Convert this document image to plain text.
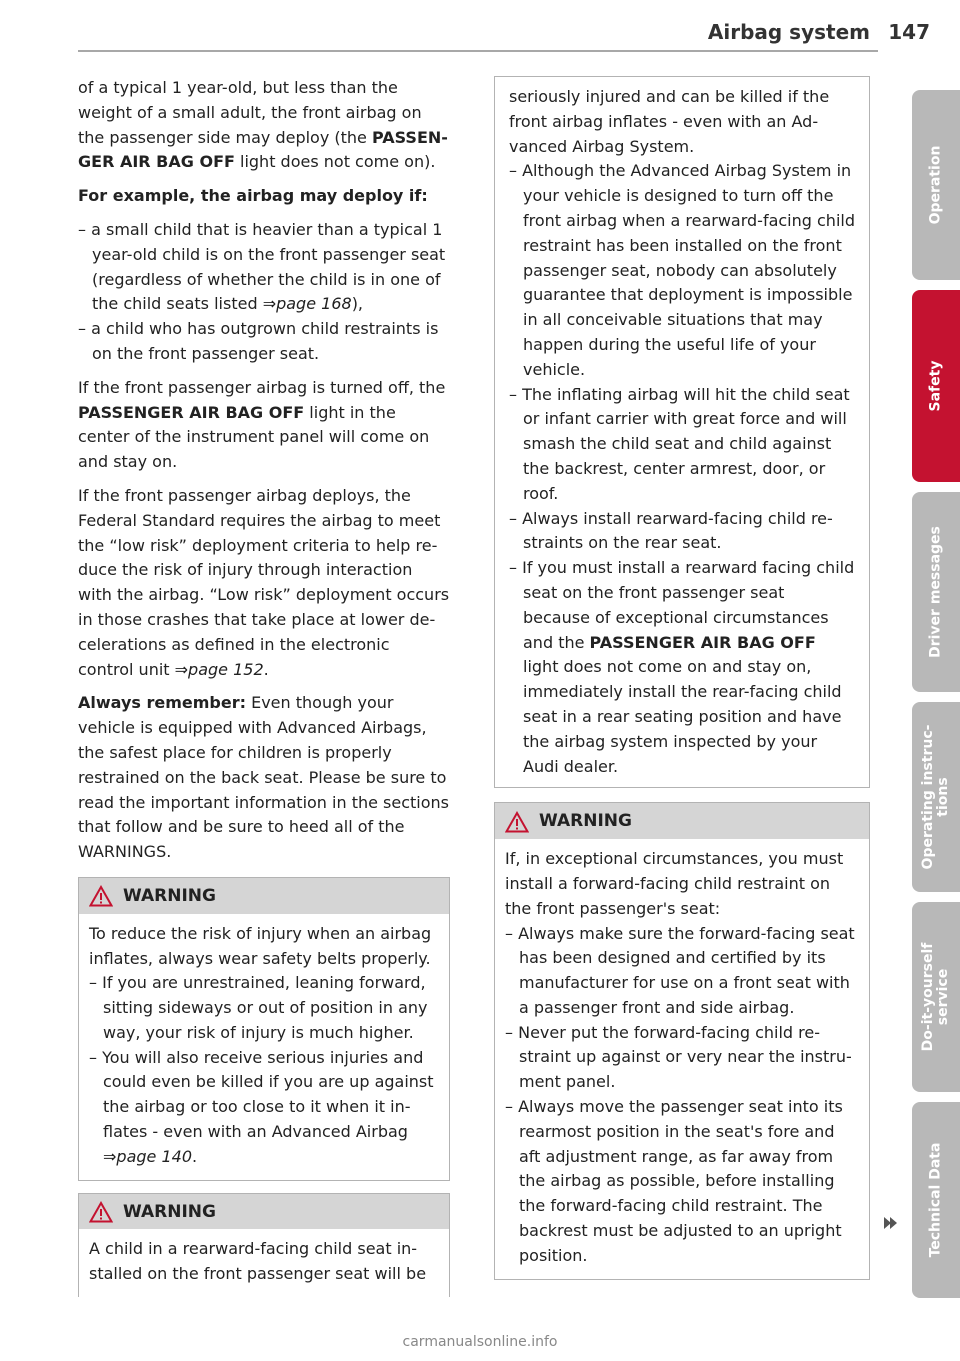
Airbag system 147

of a typical 1 year-old, but less than the weight of a small adult, the front airbag on the passenger side may deploy (the PASSENGER AIR BAG OFF light does not come on).

For example, the airbag may deploy if:

– a small child that is heavier than a typical 1 year-old child is on the front passenger seat (regardless of whether the child is in one of the child seats listed ⇒page 168),

– a child who has outgrown child restraints is on the front passenger seat.

If the front passenger airbag is turned off, the PASSENGER AIR BAG OFF light in the center of the instrument panel will come on and stay on.

If the front passenger airbag deploys, the Federal Standard requires the airbag to meet the “low risk” deployment criteria to help reduce the risk of injury through interaction with the airbag. “Low risk” deployment occurs in those crashes that take place at lower decelerations as defined in the electronic control unit ⇒page 152.

Always remember: Even though your vehicle is equipped with Advanced Airbags, the safest place for children is properly restrained on the back seat. Please be sure to read the important information in the sections that follow and be sure to heed all of the WARNINGS.

WARNING

To reduce the risk of injury when an airbag inflates, always wear safety belts properly.

– If you are unrestrained, leaning forward, sitting sideways or out of position in any way, your risk of injury is much higher.

– You will also receive serious injuries and could even be killed if you are up against the airbag or too close to it when it inflates - even with an Advanced Airbag ⇒page 140.

WARNING

A child in a rearward-facing child seat installed on the front passenger seat will be

seriously injured and can be killed if the front airbag inflates - even with an Advanced Airbag System.

– Although the Advanced Airbag System in your vehicle is designed to turn off the front airbag when a rearward-facing child restraint has been installed on the front passenger seat, nobody can absolutely guarantee that deployment is impossible in all conceivable situations that may happen during the useful life of your vehicle.

– The inflating airbag will hit the child seat or infant carrier with great force and will smash the child seat and child against the backrest, center armrest, door, or roof.

– Always install rearward-facing child restraints on the rear seat.

– If you must install a rearward facing child seat on the front passenger seat because of exceptional circumstances and the PASSENGER AIR BAG OFF light does not come on and stay on, immediately install the rear-facing child seat in a rear seating position and have the airbag system inspected by your Audi dealer.

WARNING

If, in exceptional circumstances, you must install a forward-facing child restraint on the front passenger's seat:

– Always make sure the forward-facing seat has been designed and certified by its manufacturer for use on a front seat with a passenger front and side airbag.

– Never put the forward-facing child restraint up against or very near the instrument panel.

– Always move the passenger seat into its rearmost position in the seat's fore and aft adjustment range, as far away from the airbag as possible, before installing the forward-facing child restraint. The backrest must be adjusted to an upright position.

Operation
Safety
Driver messages
Operating instruc-
tions
Do-it-yourself
service
Technical Data
carmanualsonline.info
